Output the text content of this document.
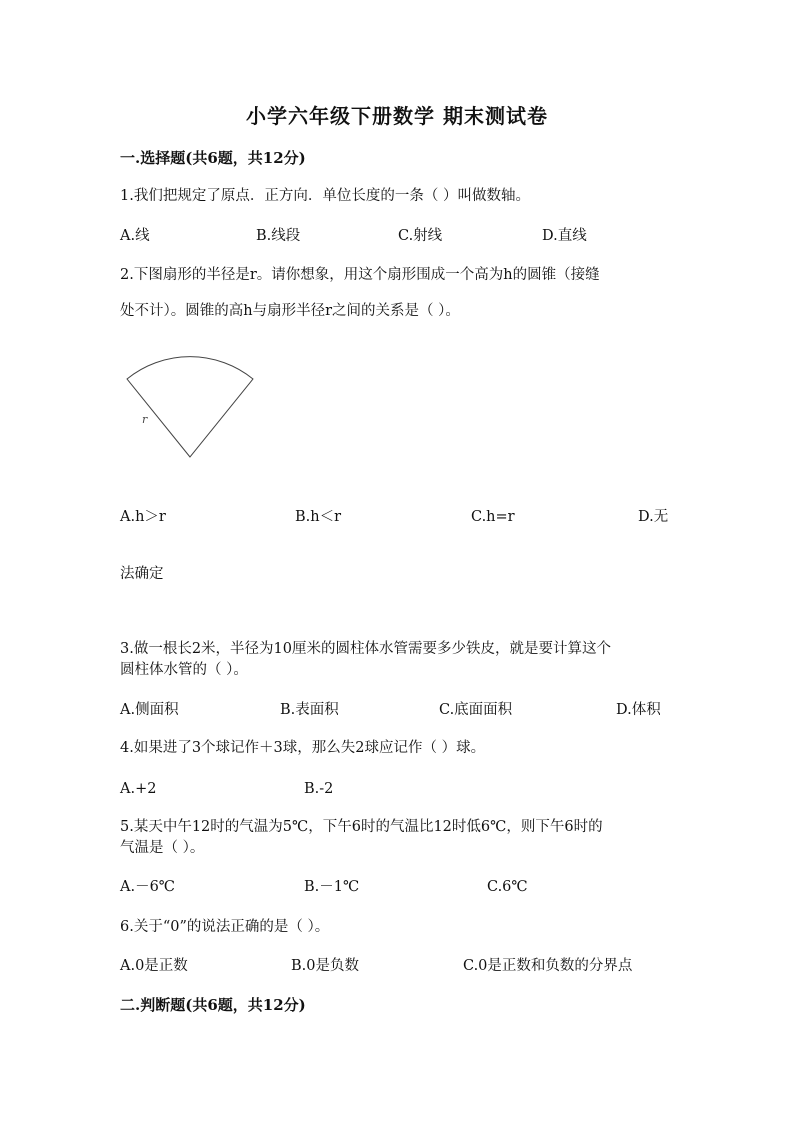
小学六年级下册数学 期末测试卷
一.选择题(共6题，共12分)
1.我们把规定了原点．正方向．单位长度的一条（ ）叫做数轴。
A.线	B.线段	C.射线	D.直线
2.下图扇形的半径是r。请你想象，用这个扇形围成一个高为h的圆锥（接缝
处不计）。圆锥的高h与扇形半径r之间的关系是（ ）。
r
A.h＞r	B.h＜r	C.h=r	D.无
法确定
3.做一根长2米，半径为10厘米的圆柱体水管需要多少铁皮，就是要计算这个
圆柱体水管的（ ）。
A.侧面积	B.表面积	C.底面面积	D.体积
4.如果进了3个球记作＋3球，那么失2球应记作（ ）球。
A.+2	B.-2
5.某天中午12时的气温为5℃，下午6时的气温比12时低6℃，则下午6时的
气温是（ ）。
A.－6℃	B.－1℃	C.6℃
6.关于“0”的说法正确的是（ ）。
A.0是正数	B.0是负数	C.0是正数和负数的分界点
二.判断题(共6题，共12分)
